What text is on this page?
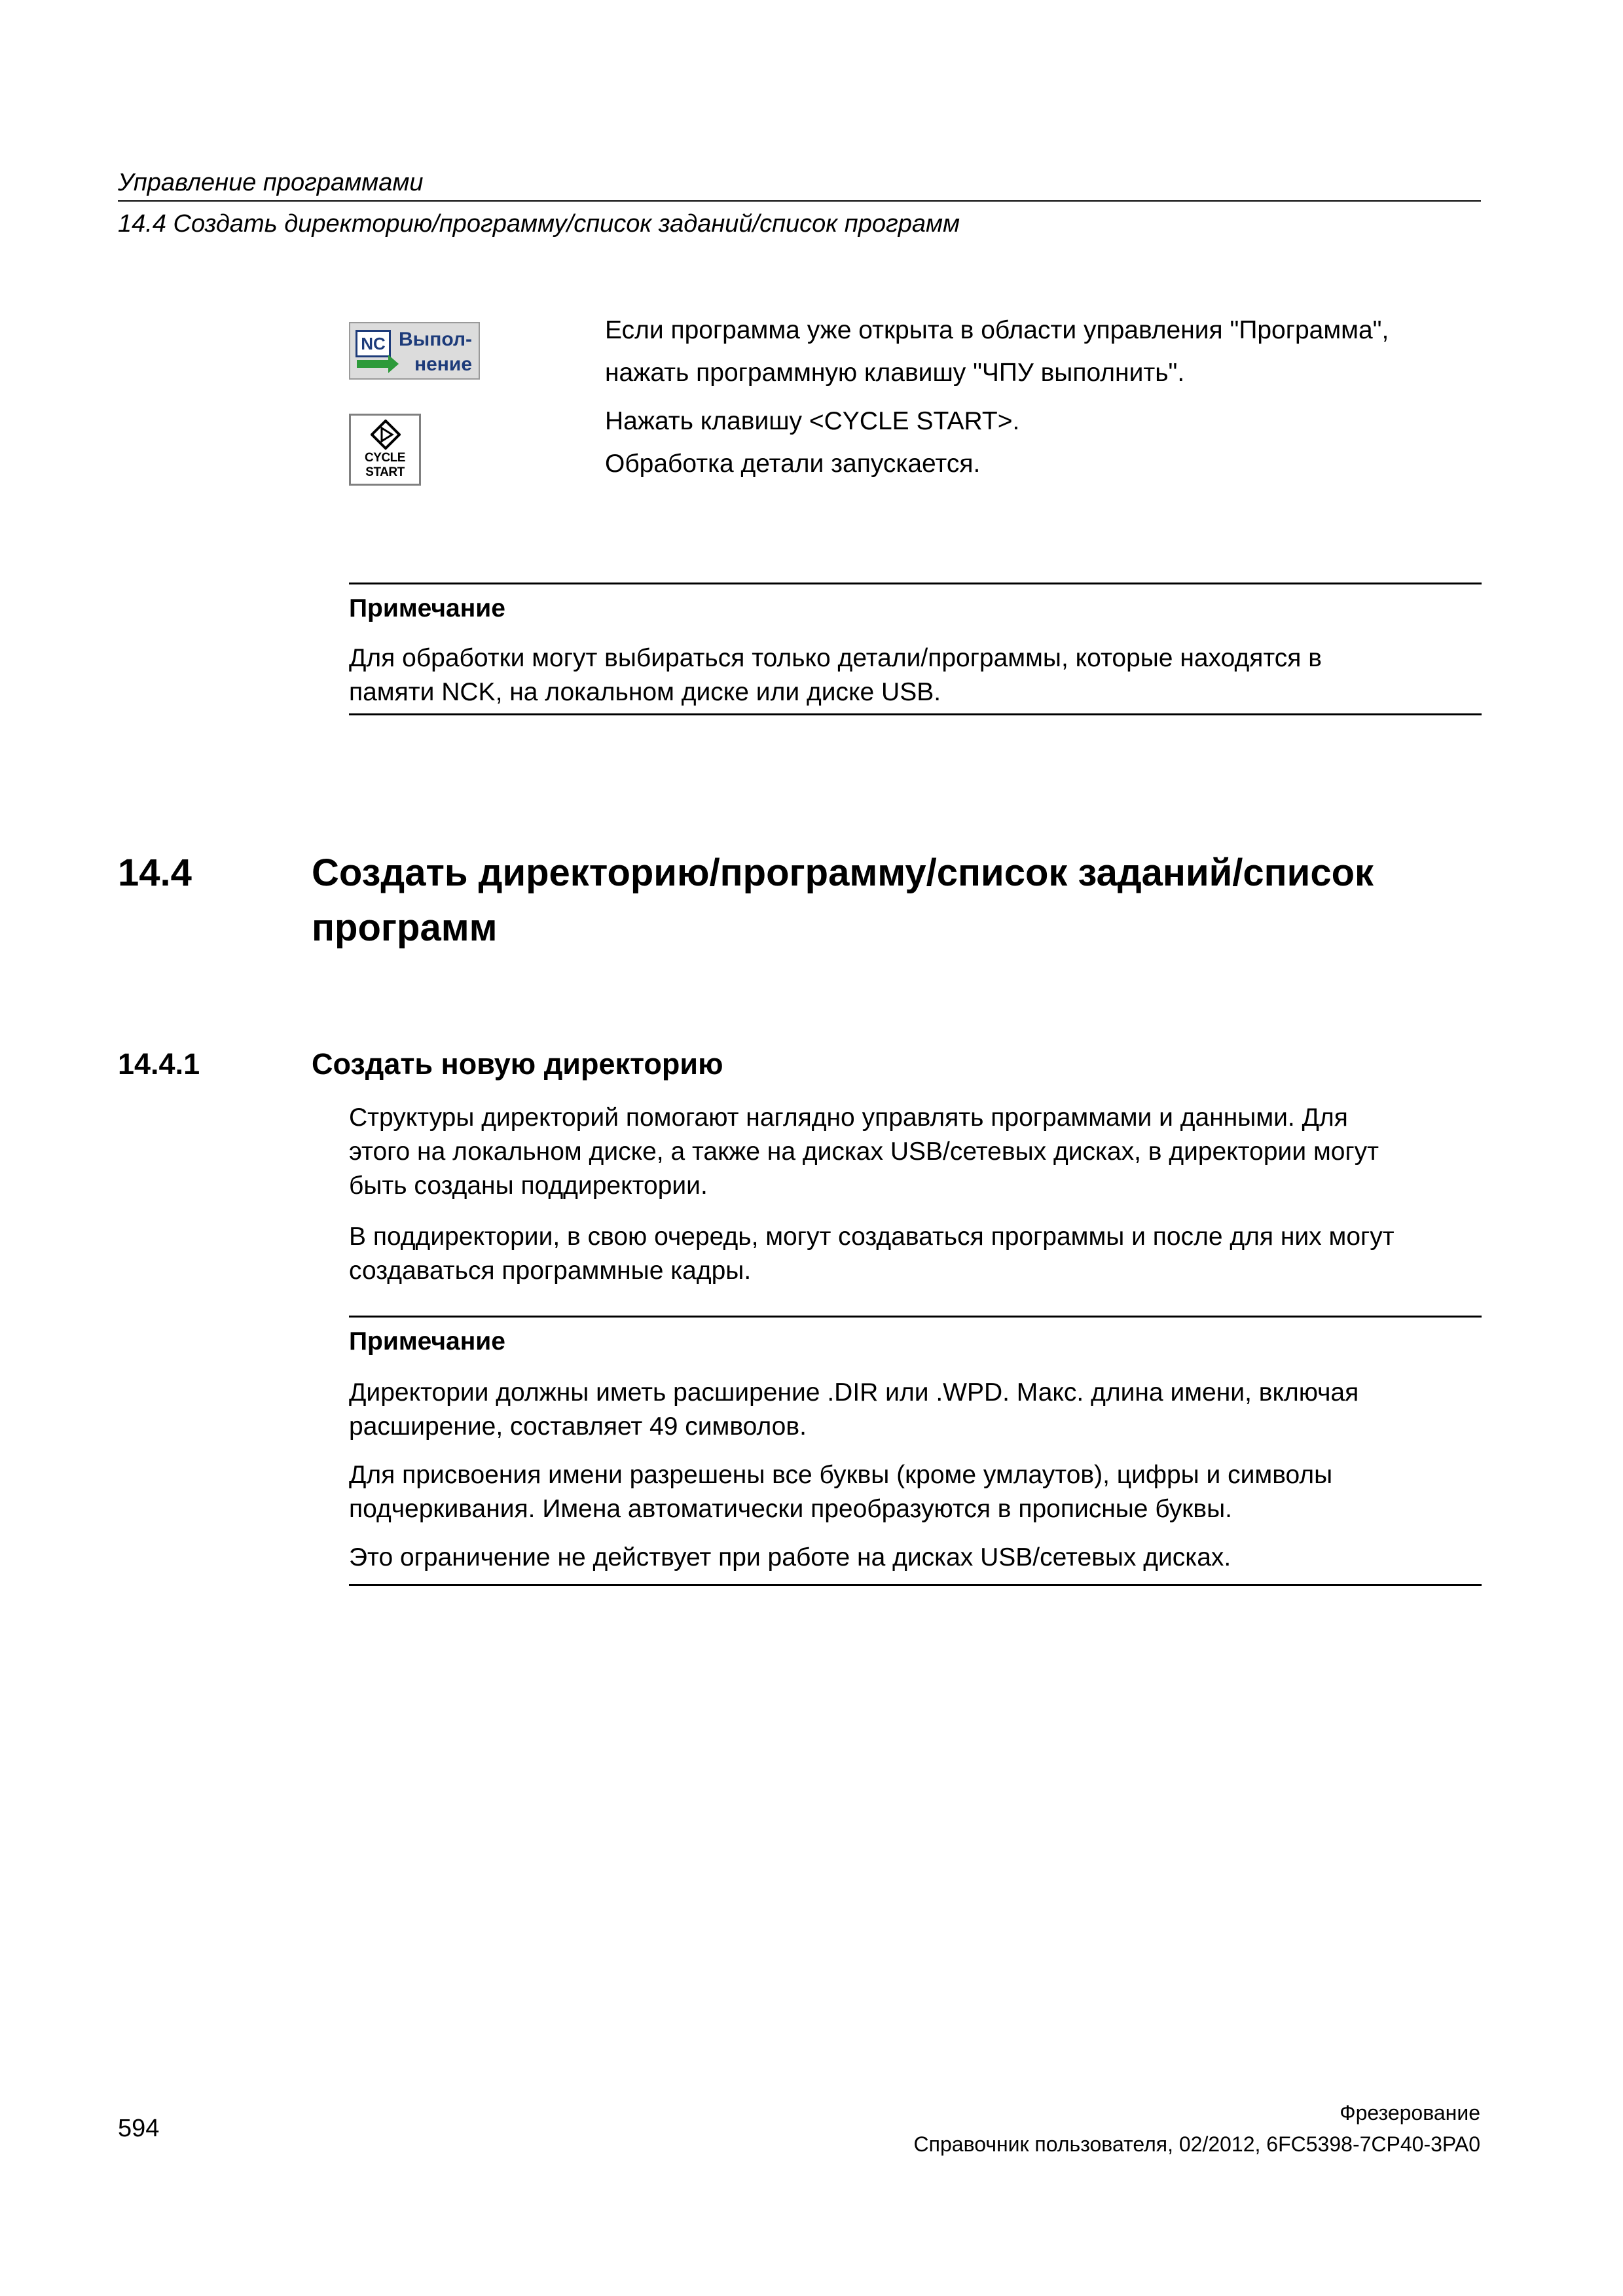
Управление программами
14.4 Создать директорию/программу/список заданий/список программ
NC Выпол-
нение
Если программа уже открыта в области управления "Программа",
нажать программную клавишу "ЧПУ выполнить".
CYCLE
START
Нажать клавишу <CYCLE START>.
Обработка детали запускается.
Примечание
Для обработки могут выбираться только детали/программы, которые находятся в
памяти NCK, на локальном диске или диске USB.
14.4	Создать директорию/программу/список заданий/список
программ
14.4.1	Создать новую директорию
Структуры директорий помогают наглядно управлять программами и данными. Для
этого на локальном диске, а также на дисках USB/сетевых дисках, в директории могут
быть созданы поддиректории.
В поддиректории, в свою очередь, могут создаваться программы и после для них могут
создаваться программные кадры.
Примечание
Директории должны иметь расширение .DIR или .WPD. Макс. длина имени, включая
расширение, составляет 49 символов.
Для присвоения имени разрешены все буквы (кроме умлаутов), цифры и символы
подчеркивания. Имена автоматически преобразуются в прописные буквы.
Это ограничение не действует при работе на дисках USB/сетевых дисках.
Фрезерование
594
Справочник пользователя, 02/2012, 6FC5398-7CP40-3PA0
